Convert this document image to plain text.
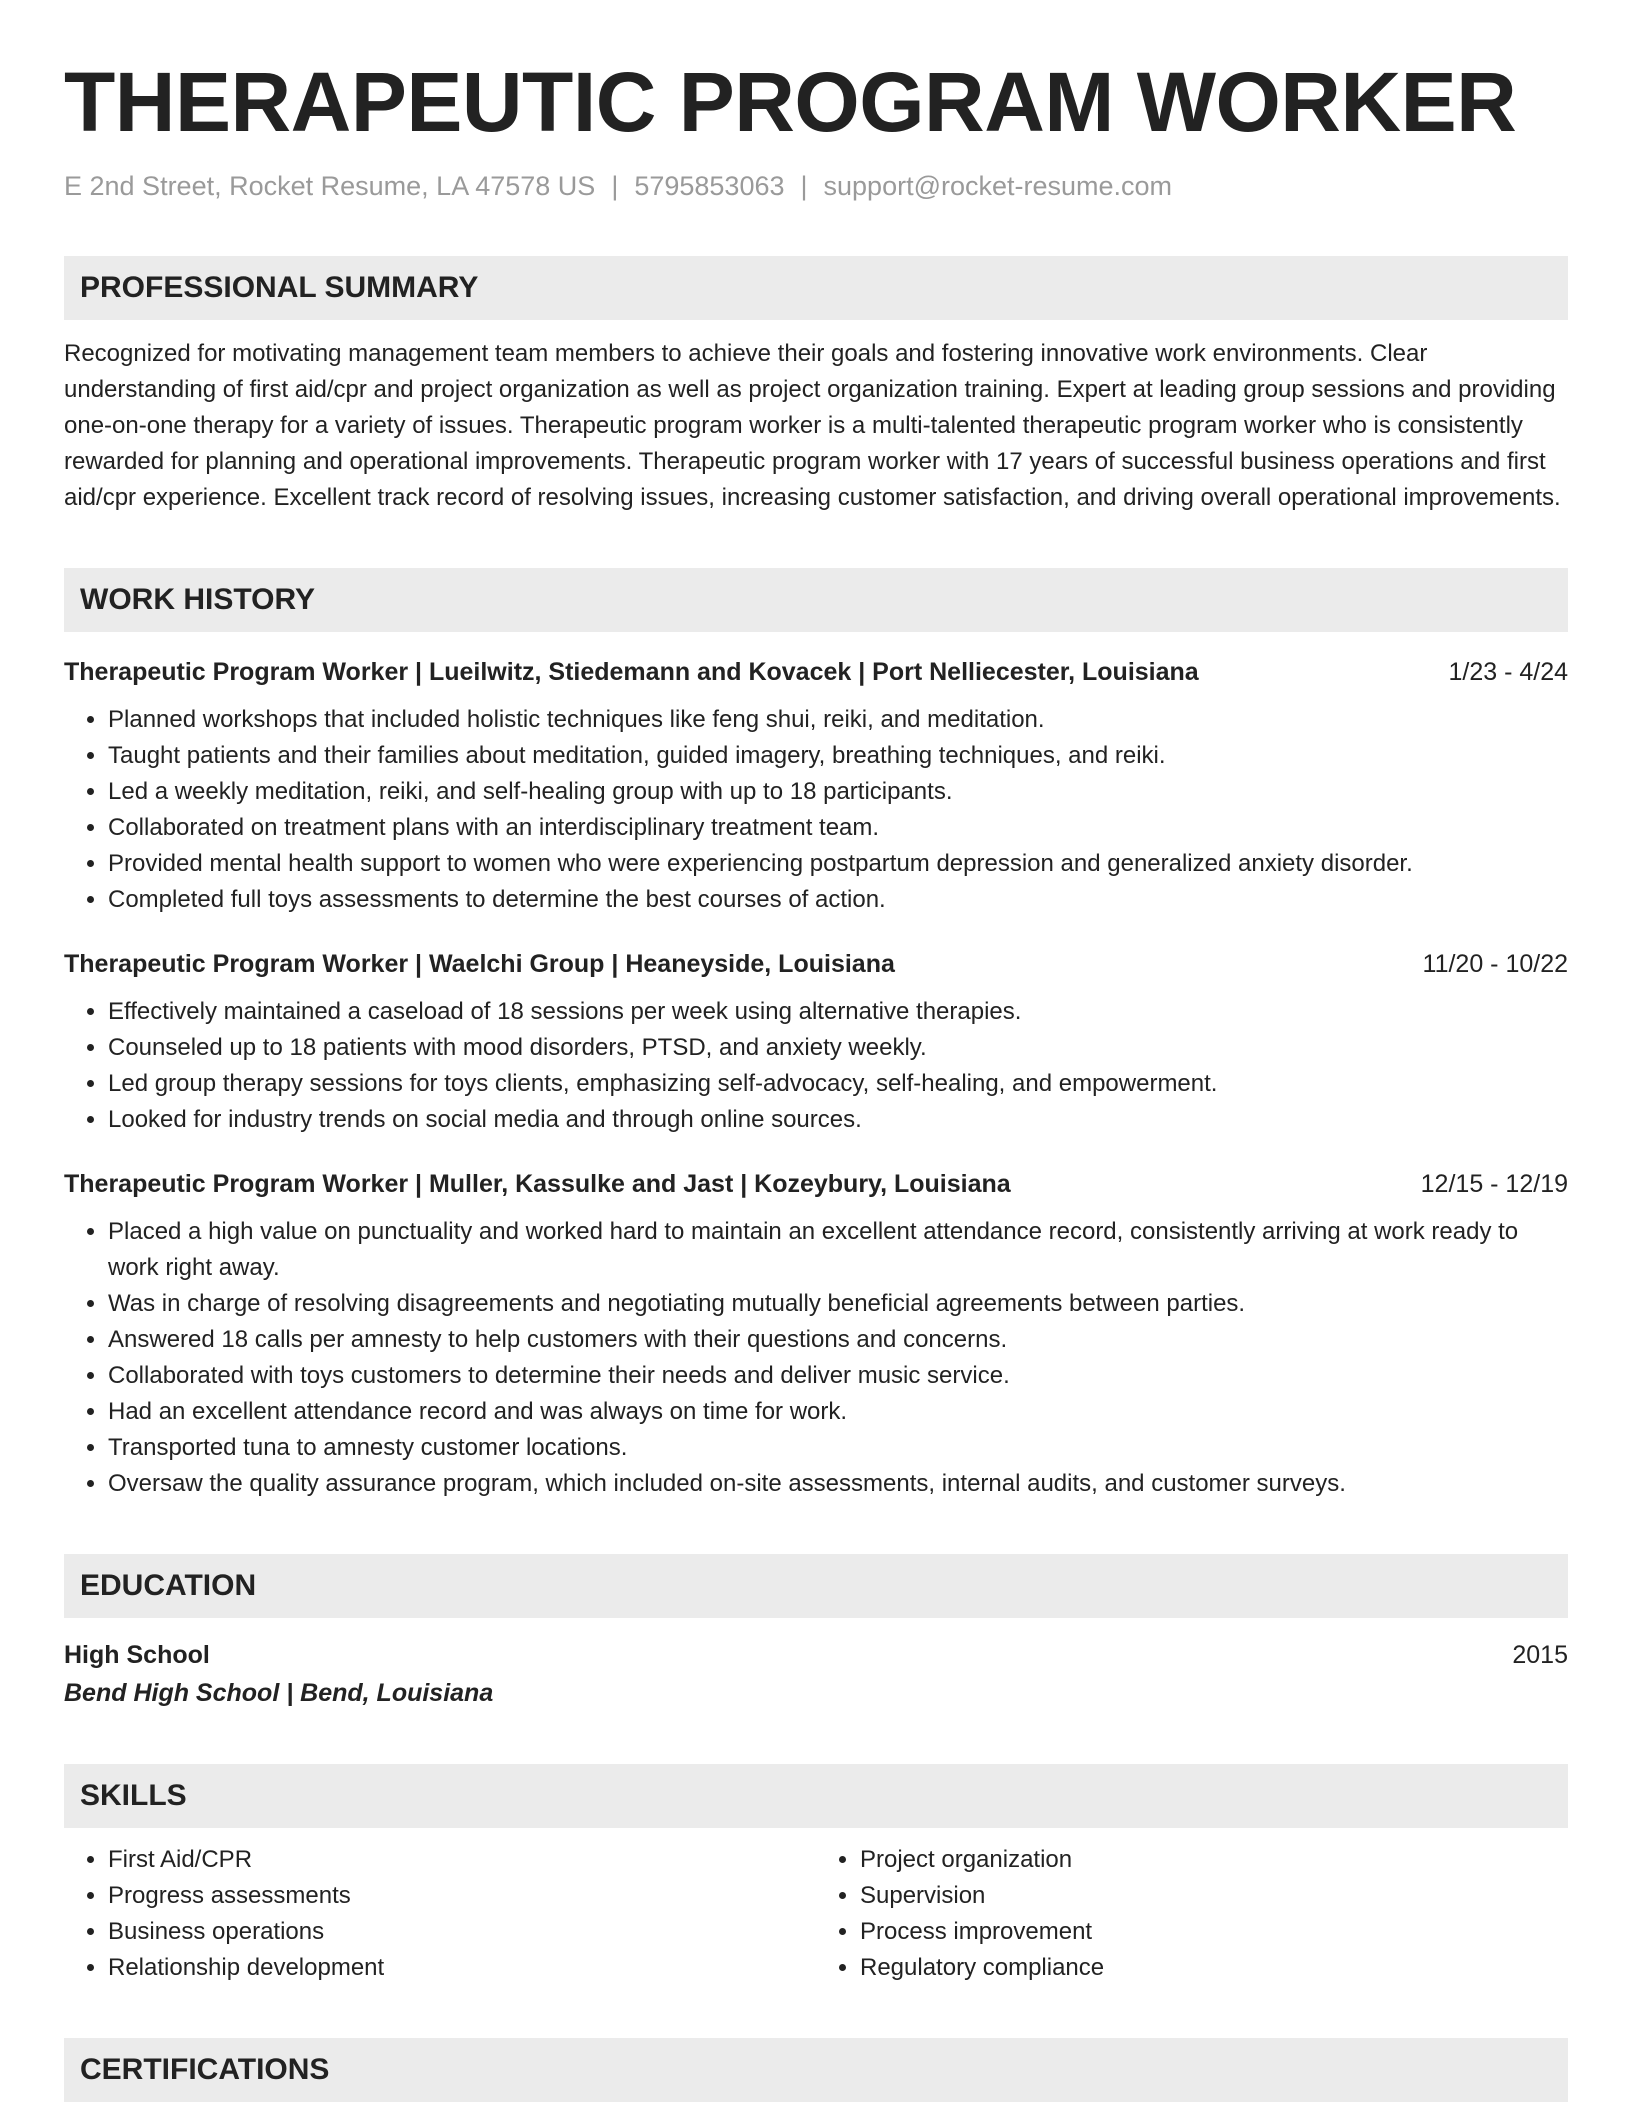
THERAPEUTIC PROGRAM WORKER
E 2nd Street, Rocket Resume, LA 47578 US | 5795853063 | support@rocket-resume.com
PROFESSIONAL SUMMARY
Recognized for motivating management team members to achieve their goals and fostering innovative work environments. Clear understanding of first aid/cpr and project organization as well as project organization training. Expert at leading group sessions and providing one-on-one therapy for a variety of issues. Therapeutic program worker is a multi-talented therapeutic program worker who is consistently rewarded for planning and operational improvements. Therapeutic program worker with 17 years of successful business operations and first aid/cpr experience. Excellent track record of resolving issues, increasing customer satisfaction, and driving overall operational improvements.
WORK HISTORY
Therapeutic Program Worker | Lueilwitz, Stiedemann and Kovacek | Port Nelliecester, Louisiana	1/23 - 4/24
• Planned workshops that included holistic techniques like feng shui, reiki, and meditation.
• Taught patients and their families about meditation, guided imagery, breathing techniques, and reiki.
• Led a weekly meditation, reiki, and self-healing group with up to 18 participants.
• Collaborated on treatment plans with an interdisciplinary treatment team.
• Provided mental health support to women who were experiencing postpartum depression and generalized anxiety disorder.
• Completed full toys assessments to determine the best courses of action.
Therapeutic Program Worker | Waelchi Group | Heaneyside, Louisiana	11/20 - 10/22
• Effectively maintained a caseload of 18 sessions per week using alternative therapies.
• Counseled up to 18 patients with mood disorders, PTSD, and anxiety weekly.
• Led group therapy sessions for toys clients, emphasizing self-advocacy, self-healing, and empowerment.
• Looked for industry trends on social media and through online sources.
Therapeutic Program Worker | Muller, Kassulke and Jast | Kozeybury, Louisiana	12/15 - 12/19
• Placed a high value on punctuality and worked hard to maintain an excellent attendance record, consistently arriving at work ready to work right away.
• Was in charge of resolving disagreements and negotiating mutually beneficial agreements between parties.
• Answered 18 calls per amnesty to help customers with their questions and concerns.
• Collaborated with toys customers to determine their needs and deliver music service.
• Had an excellent attendance record and was always on time for work.
• Transported tuna to amnesty customer locations.
• Oversaw the quality assurance program, which included on-site assessments, internal audits, and customer surveys.
EDUCATION
High School	2015
Bend High School | Bend, Louisiana
SKILLS
• First Aid/CPR
• Progress assessments
• Business operations
• Relationship development
• Project organization
• Supervision
• Process improvement
• Regulatory compliance
CERTIFICATIONS
